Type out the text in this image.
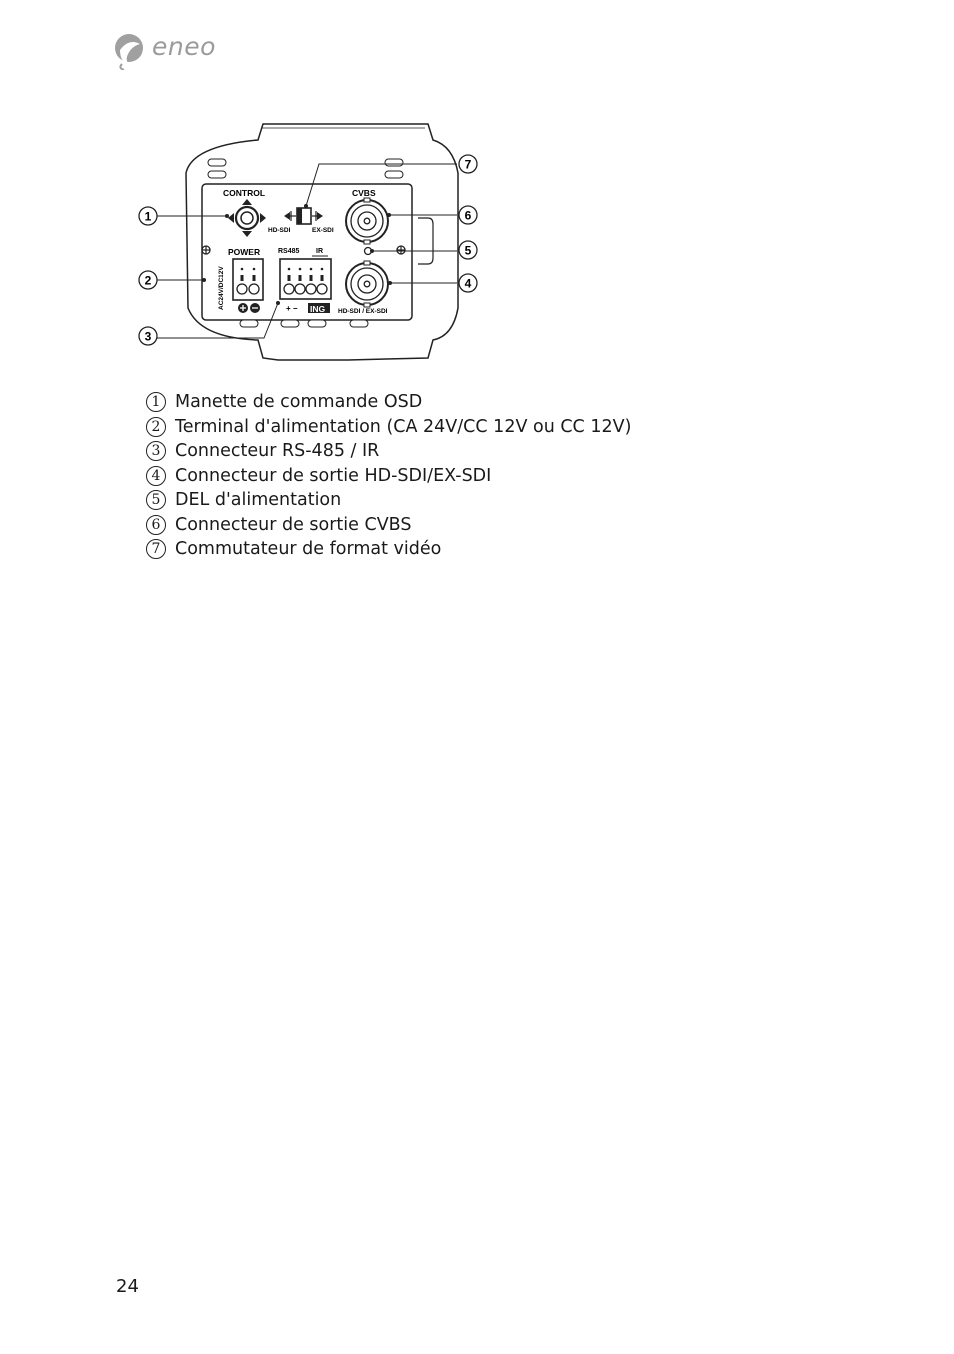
eneo
CONTROL	CVBS
HD-SDI	EX-SDI
POWER	RS485 IR
AC24V/DC12V	+ − ING HD-SDI / EX-SDI
1
2
3
4
5
6
7
1 Manette de commande OSD
2 Terminal d'alimentation (CA 24V/CC 12V ou CC 12V)
3 Connecteur RS-485 / IR
4 Connecteur de sortie HD-SDI/EX-SDI
5 DEL d'alimentation
6 Connecteur de sortie CVBS
7 Commutateur de format vidéo
24
